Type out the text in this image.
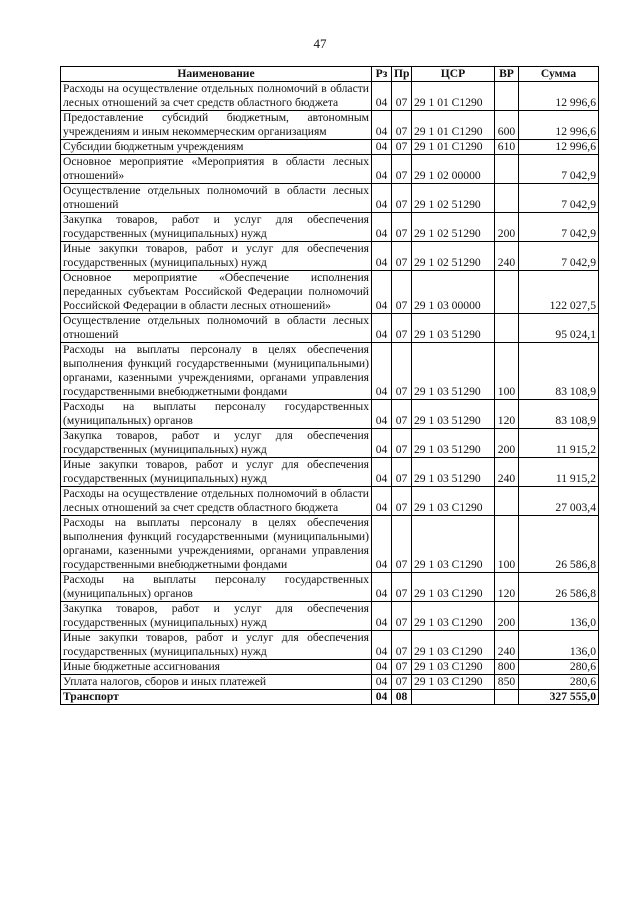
47
Наименование	Рз	Пр	ЦСР	ВР	Сумма
Расходы на осуществление отдельных полномочий в области лесных отношений за счет средств областного бюджета	04	07	29 1 01 С1290		12 996,6
Предоставление субсидий бюджетным, автономным учреждениям и иным некоммерческим организациям	04	07	29 1 01 С1290	600	12 996,6
Субсидии бюджетным учреждениям	04	07	29 1 01 С1290	610	12 996,6
Основное мероприятие «Мероприятия в области лесных отношений»	04	07	29 1 02 00000		7 042,9
Осуществление отдельных полномочий в области лесных отношений	04	07	29 1 02 51290		7 042,9
Закупка товаров, работ и услуг для обеспечения государственных (муниципальных) нужд	04	07	29 1 02 51290	200	7 042,9
Иные закупки товаров, работ и услуг для обеспечения государственных (муниципальных) нужд	04	07	29 1 02 51290	240	7 042,9
Основное мероприятие «Обеспечение исполнения переданных субъектам Российской Федерации полномочий Российской Федерации в области лесных отношений»	04	07	29 1 03 00000		122 027,5
Осуществление отдельных полномочий в области лесных отношений	04	07	29 1 03 51290		95 024,1
Расходы на выплаты персоналу в целях обеспечения выполнения функций государственными (муниципальными) органами, казенными учреждениями, органами управления государственными внебюджетными фондами	04	07	29 1 03 51290	100	83 108,9
Расходы на выплаты персоналу государственных (муниципальных) органов	04	07	29 1 03 51290	120	83 108,9
Закупка товаров, работ и услуг для обеспечения государственных (муниципальных) нужд	04	07	29 1 03 51290	200	11 915,2
Иные закупки товаров, работ и услуг для обеспечения государственных (муниципальных) нужд	04	07	29 1 03 51290	240	11 915,2
Расходы на осуществление отдельных полномочий в области лесных отношений за счет средств областного бюджета	04	07	29 1 03 С1290		27 003,4
Расходы на выплаты персоналу в целях обеспечения выполнения функций государственными (муниципальными) органами, казенными учреждениями, органами управления государственными внебюджетными фондами	04	07	29 1 03 С1290	100	26 586,8
Расходы на выплаты персоналу государственных (муниципальных) органов	04	07	29 1 03 С1290	120	26 586,8
Закупка товаров, работ и услуг для обеспечения государственных (муниципальных) нужд	04	07	29 1 03 С1290	200	136,0
Иные закупки товаров, работ и услуг для обеспечения государственных (муниципальных) нужд	04	07	29 1 03 С1290	240	136,0
Иные бюджетные ассигнования	04	07	29 1 03 С1290	800	280,6
Уплата налогов, сборов и иных платежей	04	07	29 1 03 С1290	850	280,6
Транспорт	04	08			327 555,0
